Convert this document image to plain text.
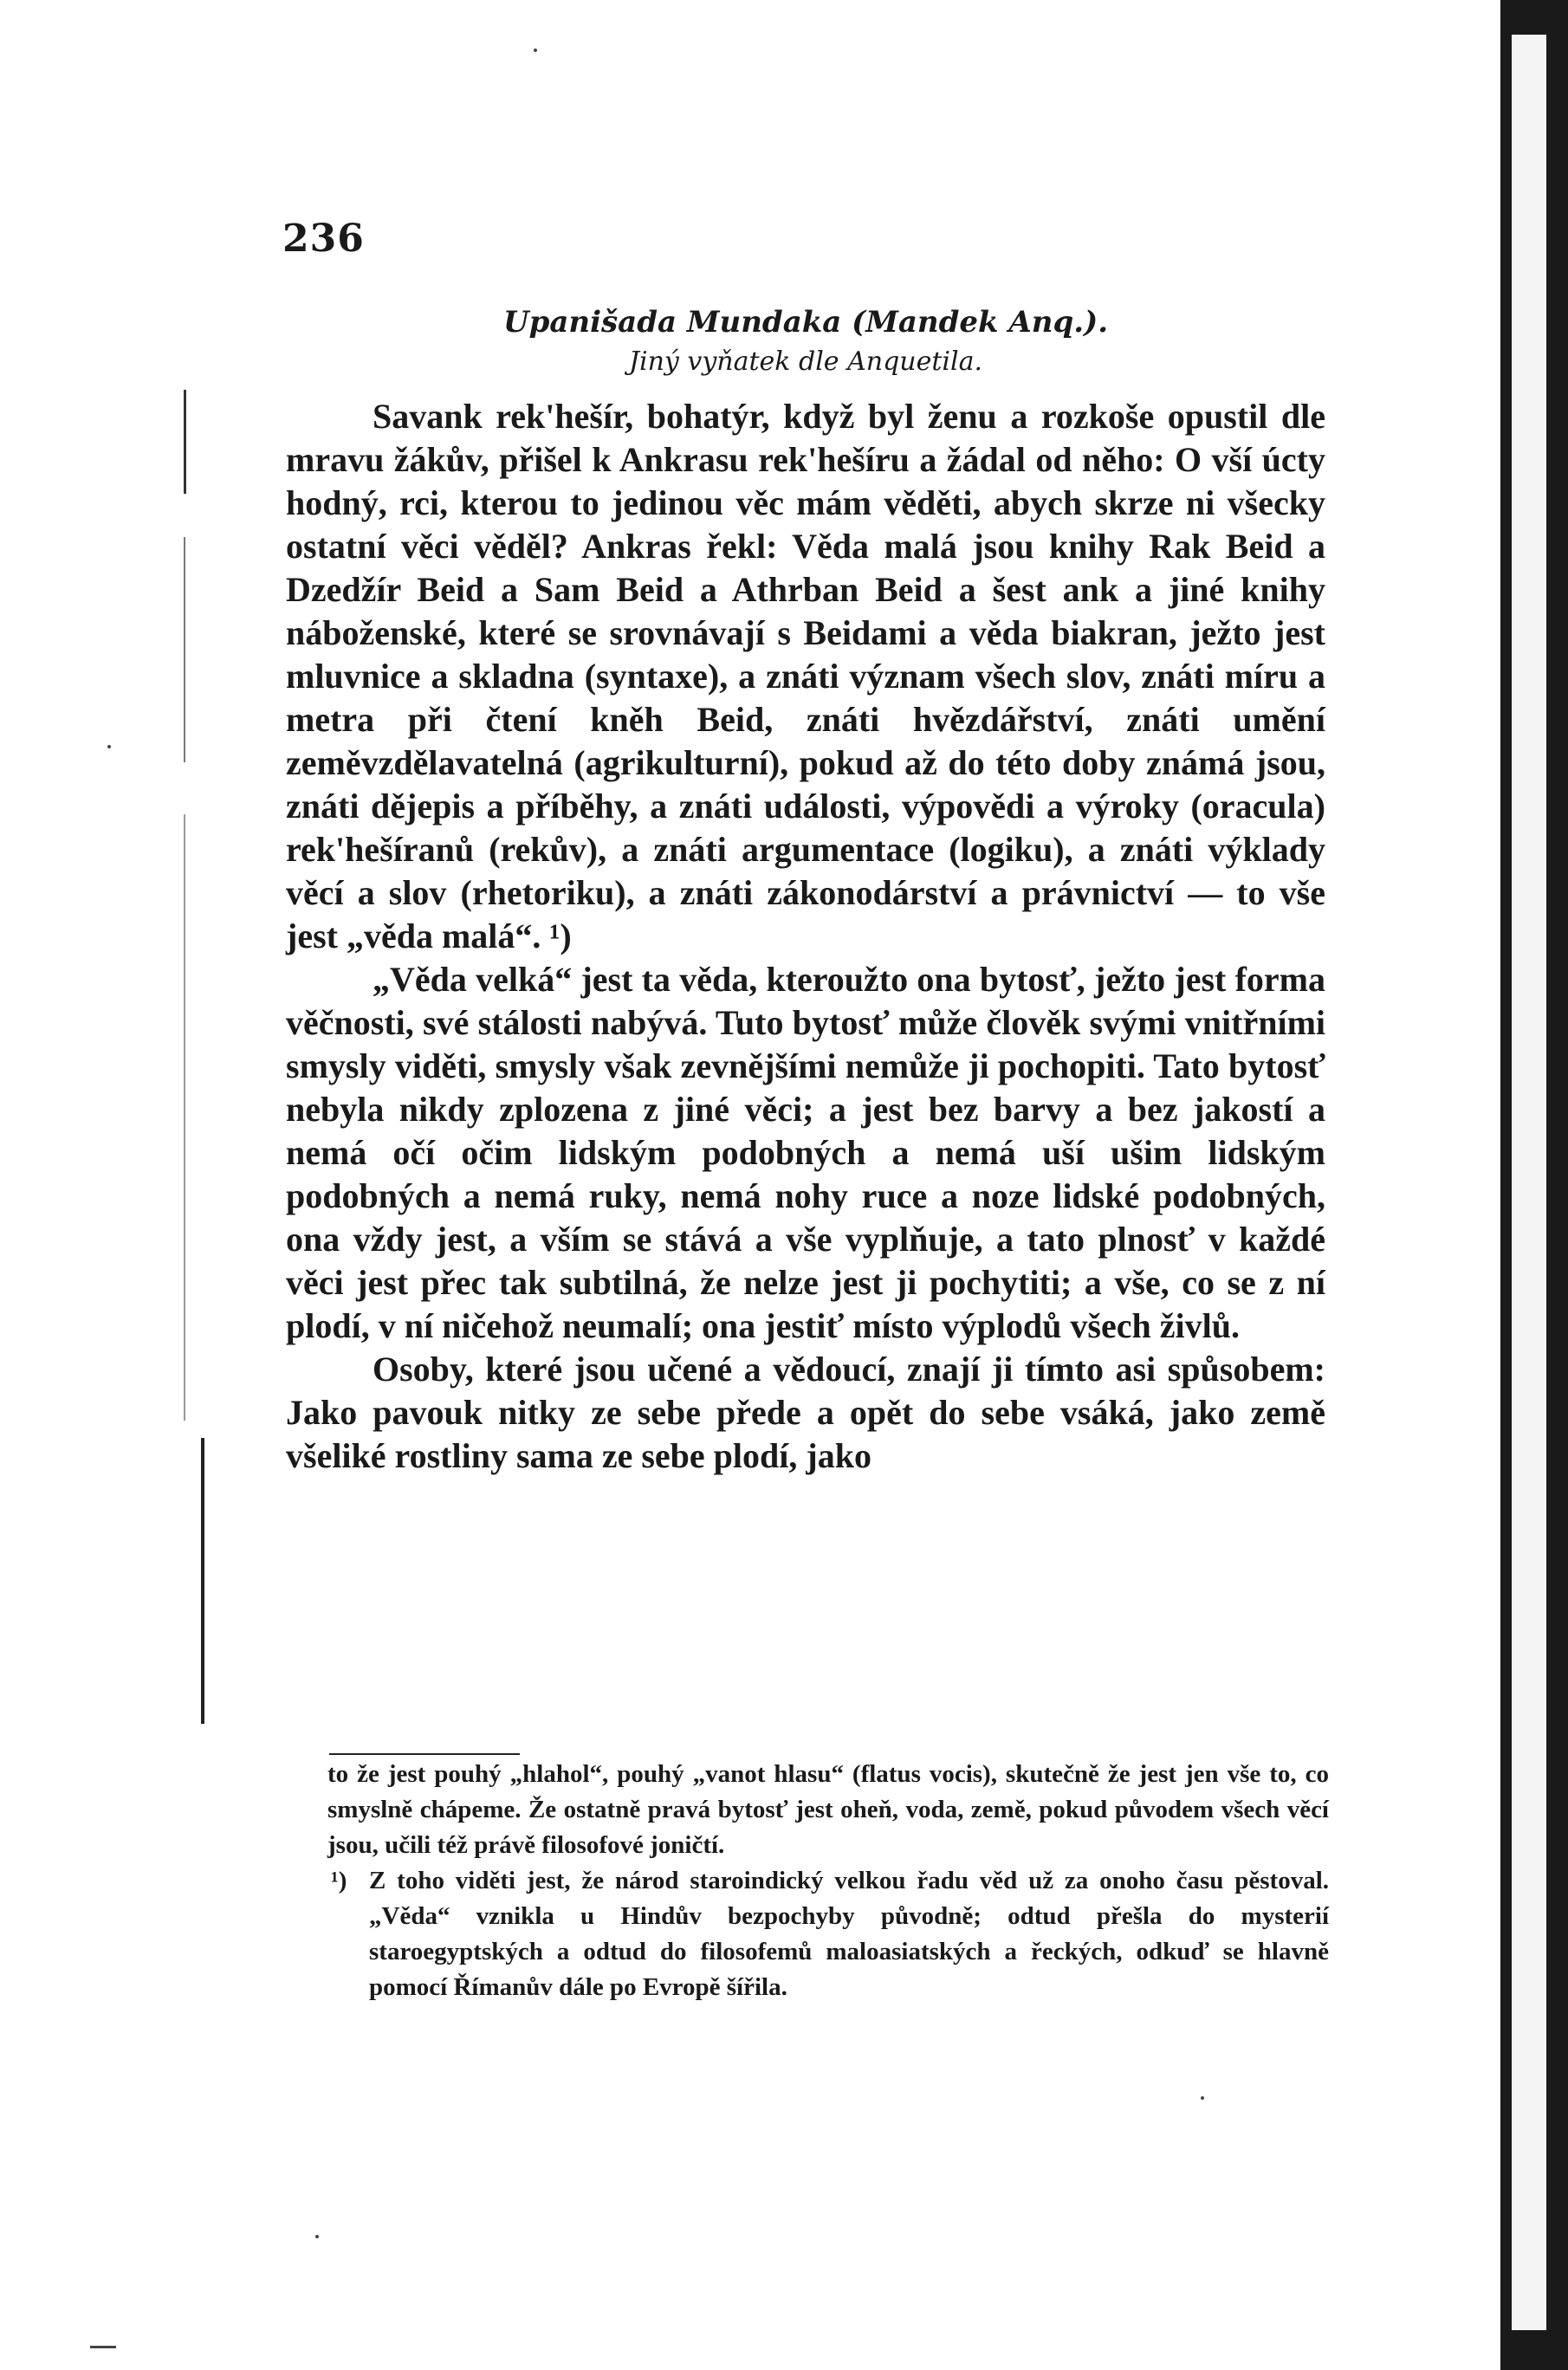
236
Upanišada Mundaka (Mandek Anq.).
Jiný vyňatek dle Anquetila.

Savank rek'hešír, bohatýr, když byl ženu a rozkoše opustil dle mravu žákův, přišel k Ankrasu rek'hešíru a žádal od něho: O vší úcty hodný, rci, kterou to jedinou věc mám věděti, abych skrze ni všecky ostatní věci věděl? Ankras řekl: Věda malá jsou knihy Rak Beid a Dzedžír Beid a Sam Beid a Athrban Beid a šest ank a jiné knihy náboženské, které se srovnávají s Beidami a věda biakran, ježto jest mluvnice a skladna (syntaxe), a znáti význam všech slov, znáti míru a metra při čtení kněh Beid, znáti hvězdářství, znáti umění zeměvzdělavatelná (agrikulturní), pokud až do této doby známá jsou, znáti dějepis a příběhy, a znáti události, výpovědi a výroky (oracula) rek'hešíranů (rekův), a znáti argumentace (logiku), a znáti výklady věcí a slov (rhetoriku), a znáti zákonodárství a právnictví — to vše jest „věda malá“. ¹)

„Věda velká“ jest ta věda, kteroužto ona bytosť, ježto jest forma věčnosti, své stálosti nabývá. Tuto bytosť může člověk svými vnitřními smysly viděti, smysly však zevnějšími nemůže ji pochopiti. Tato bytosť nebyla nikdy zplozena z jiné věci; a jest bez barvy a bez jakostí a nemá očí očim lidským podobných a nemá uší ušim lidským podobných a nemá ruky, nemá nohy ruce a noze lidské podobných, ona vždy jest, a vším se stává a vše vyplňuje, a tato plnosť v každé věci jest přec tak subtilná, že nelze jest ji pochytiti; a vše, co se z ní plodí, v ní ničehož neumalí; ona jestiť místo výplodů všech živlů.

Osoby, které jsou učené a vědoucí, znají ji tímto asi spůsobem: Jako pavouk nitky ze sebe přede a opět do sebe vsáká, jako země všeliké rostliny sama ze sebe plodí, jako

to že jest pouhý „hlahol“, pouhý „vanot hlasu“ (flatus vocis), skutečně že jest jen vše to, co smyslně chápeme. Že ostatně pravá bytosť jest oheň, voda, země, pokud původem všech věcí jsou, učili též právě filosofové joničtí.

¹) Z toho viděti jest, že národ staroindický velkou řadu věd už za onoho času pěstoval. „Věda“ vznikla u Hindův bezpochyby původně; odtud přešla do mysterií staroegyptských a odtud do filosofemů maloasiatských a řeckých, odkuď se hlavně pomocí Římanův dále po Evropě šířila.
